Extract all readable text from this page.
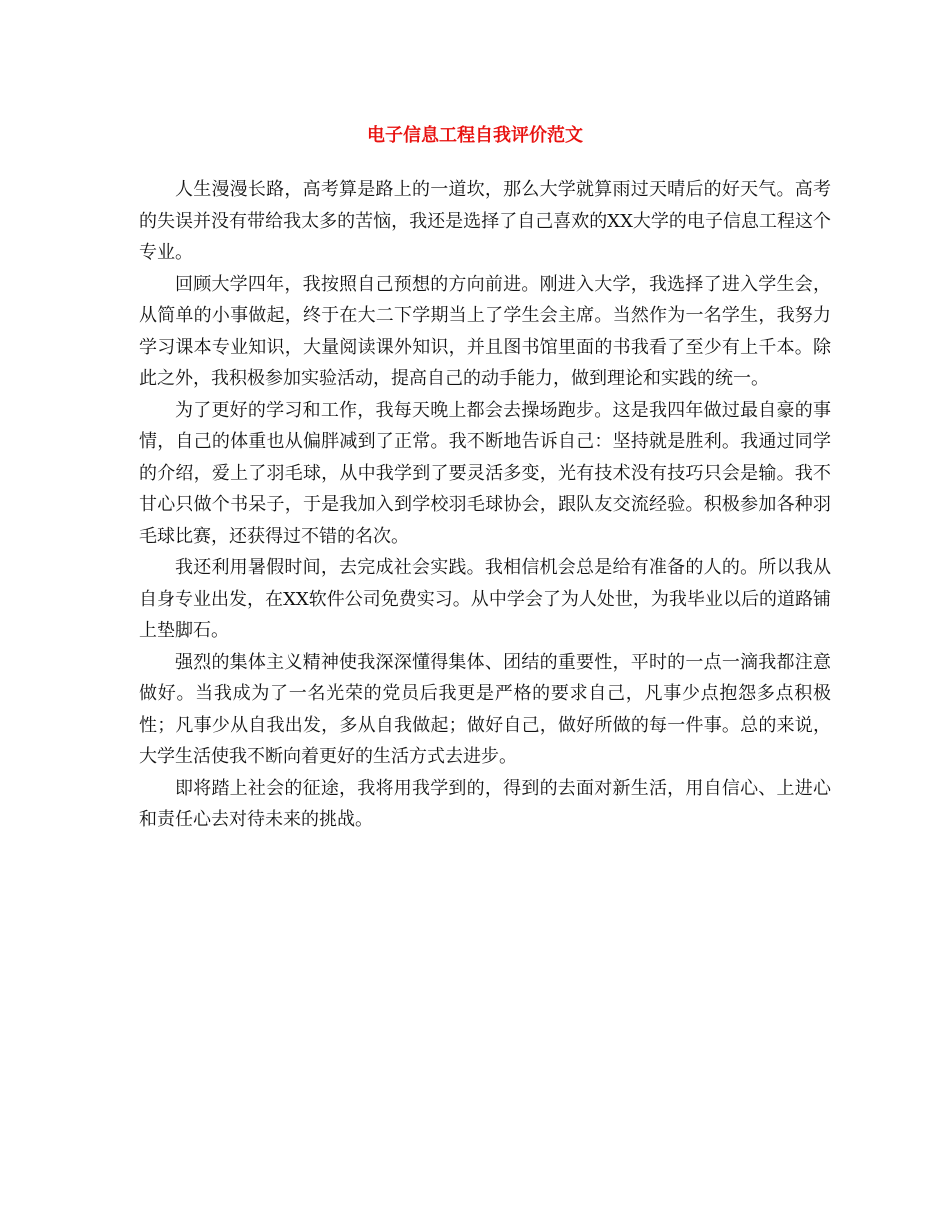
电子信息工程自我评价范文

人生漫漫长路，高考算是路上的一道坎，那么大学就算雨过天晴后的好天气。高考的失误并没有带给我太多的苦恼，我还是选择了自己喜欢的XX大学的电子信息工程这个专业。

回顾大学四年，我按照自己预想的方向前进。刚进入大学，我选择了进入学生会，从简单的小事做起，终于在大二下学期当上了学生会主席。当然作为一名学生，我努力学习课本专业知识，大量阅读课外知识，并且图书馆里面的书我看了至少有上千本。除此之外，我积极参加实验活动，提高自己的动手能力，做到理论和实践的统一。

为了更好的学习和工作，我每天晚上都会去操场跑步。这是我四年做过最自豪的事情，自己的体重也从偏胖减到了正常。我不断地告诉自己：坚持就是胜利。我通过同学的介绍，爱上了羽毛球，从中我学到了要灵活多变，光有技术没有技巧只会是输。我不甘心只做个书呆子，于是我加入到学校羽毛球协会，跟队友交流经验。积极参加各种羽毛球比赛，还获得过不错的名次。

我还利用暑假时间，去完成社会实践。我相信机会总是给有准备的人的。所以我从自身专业出发，在XX软件公司免费实习。从中学会了为人处世，为我毕业以后的道路铺上垫脚石。

强烈的集体主义精神使我深深懂得集体、团结的重要性，平时的一点一滴我都注意做好。当我成为了一名光荣的党员后我更是严格的要求自己，凡事少点抱怨多点积极性；凡事少从自我出发，多从自我做起；做好自己，做好所做的每一件事。总的来说，大学生活使我不断向着更好的生活方式去进步。

即将踏上社会的征途，我将用我学到的，得到的去面对新生活，用自信心、上进心和责任心去对待未来的挑战。
